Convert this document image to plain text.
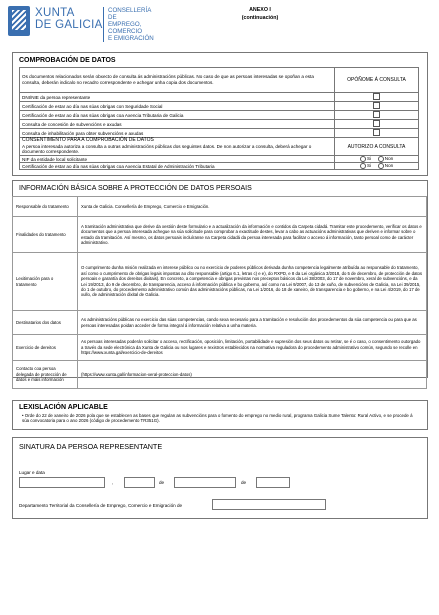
XUNTA
DE GALICIA
CONSELLERÍA DE
EMPREGO, COMERCIO
E EMIGRACIÓN
ANEXO I
(continuación)
COMPROBACIÓN DE DATOS
Os documentos relacionados serán obxecto de consulta ás administracións públicas. No caso de que as persoas interesadas se opoñan a esta consulta, deberán indicalo no recadro correspondente e achegar unha copia dos documentos.	OPÓÑOME Á CONSULTA
DNI/NIE da persoa representante	
Certificación de estar ao día nas súas obrigas con Seguridade Social	
Certificación de estar ao día nas súas obrigas coa Axencia Tributaria de Galicia	
Consulta de concesión de subvencións e axudas	
Consulta de inhabilitación para obter subvencións e axudas	

CONSENTIMENTO PARA A COMPROBACIÓN DE DATOS
A persoa interesada autoriza a consulta a outras administracións públicas dos seguintes datos. De non autorizar a consulta, deberá achegar o documento correspondente.	AUTORIZO A CONSULTA
NIF da entidade local solicitante	Si Non
Certificación de estar ao día nas súas obrigas coa Axencia Estatal de Administración Tributaria	Si Non
INFORMACIÓN BÁSICA SOBRE A PROTECCIÓN DE DATOS PERSOAIS
Responsable do tratamento	Xunta de Galicia. Consellería de Emprego, Comercio e Emigración.
Finalidades do tratamento	A tramitación administrativa que derive da xestión deste formulario e a actualización da información e contidos da Carpeta cidadá. Tramitar este procedemento, verificar os datos e documentos que a persoa interesada achegue na súa solicitude para comprobar a exactitude destes, levar a cabo as actuacións administrativas que deriven e informar sobre o estado da tramitación. Así mesmo, os datos persoais incluíranse na Carpeta cidadá da persoa interesada para facilitar o acceso á información, tanto persoal como de carácter administrativo.
Lexitimación para o tratamento	O cumprimento dunha misión realizada en interese público ou no exercicio de poderes públicos derivada dunha competencia legalmente atribuída ao responsable do tratamento, así como o cumprimento de obrigas legais impostas ao dito responsable (artigo 6.1, letras c) e e), do RXPD, e 8 da Lei orgánica 3/2018, do 5 de decembro, de protección de datos persoais e garantía dos dereitos dixitais). En concreto, a competencia e obrigas previstas nos preceptos básicos da Lei 38/2003, do 17 de novembro, xeral de subvencións, e da Lei 19/2013, do 9 de decembro, de transparencia, acceso á información pública e bo goberno, así como na Lei 9/2007, do 13 de xuño, de subvencións de Galicia, na Lei 39/2015, do 1 de outubro, do procedemento administrativo común das administracións públicas, na Lei 1/2016, do 18 de xaneiro, de transparencia e bo goberno, e na Lei 4/2019, do 17 de xullo, de administración dixital de Galicia.
Destinatarios dos datos	As administracións públicas no exercicio das súas competencias, cando sexa necesario para a tramitación e resolución dos procedementos da súa competencia ou para que as persoas interesadas poidan acceder de forma integral á información relativa a unha materia.
Exercicio de dereitos	As persoas interesadas poderán solicitar o acceso, rectificación, oposición, limitación, portabilidade e supresión dos seus datos ou retirar, se é o caso, o consentimento outorgado a través da sede electrónica da Xunta de Galicia ou nos lugares e rexistros establecidos na normativa reguladora do procedemento administrativo común, segundo se recolle en https://www.xunta.gal/exercicio-de-dereitos
Contacto coa persoa delegada de protección de datos e máis información	(https://www.xunta.gal/informacion-xeral-proteccion-datos)
LEXISLACIÓN APLICABLE
• Orde do 22 de xaneiro de 2026 pola que se establecen as bases que regulan as subvencións para o fomento do emprego no medio rural, programa Galicia Sume Talento: Rural Activo, e se procede á súa convocatoria para o ano 2026 (código de procedemento TR351G).
SINATURA DA PERSOA REPRESENTANTE
Lugar e data
,	de	de
Departamento Territorial da Consellería de Emprego, Comercio e Emigración de
